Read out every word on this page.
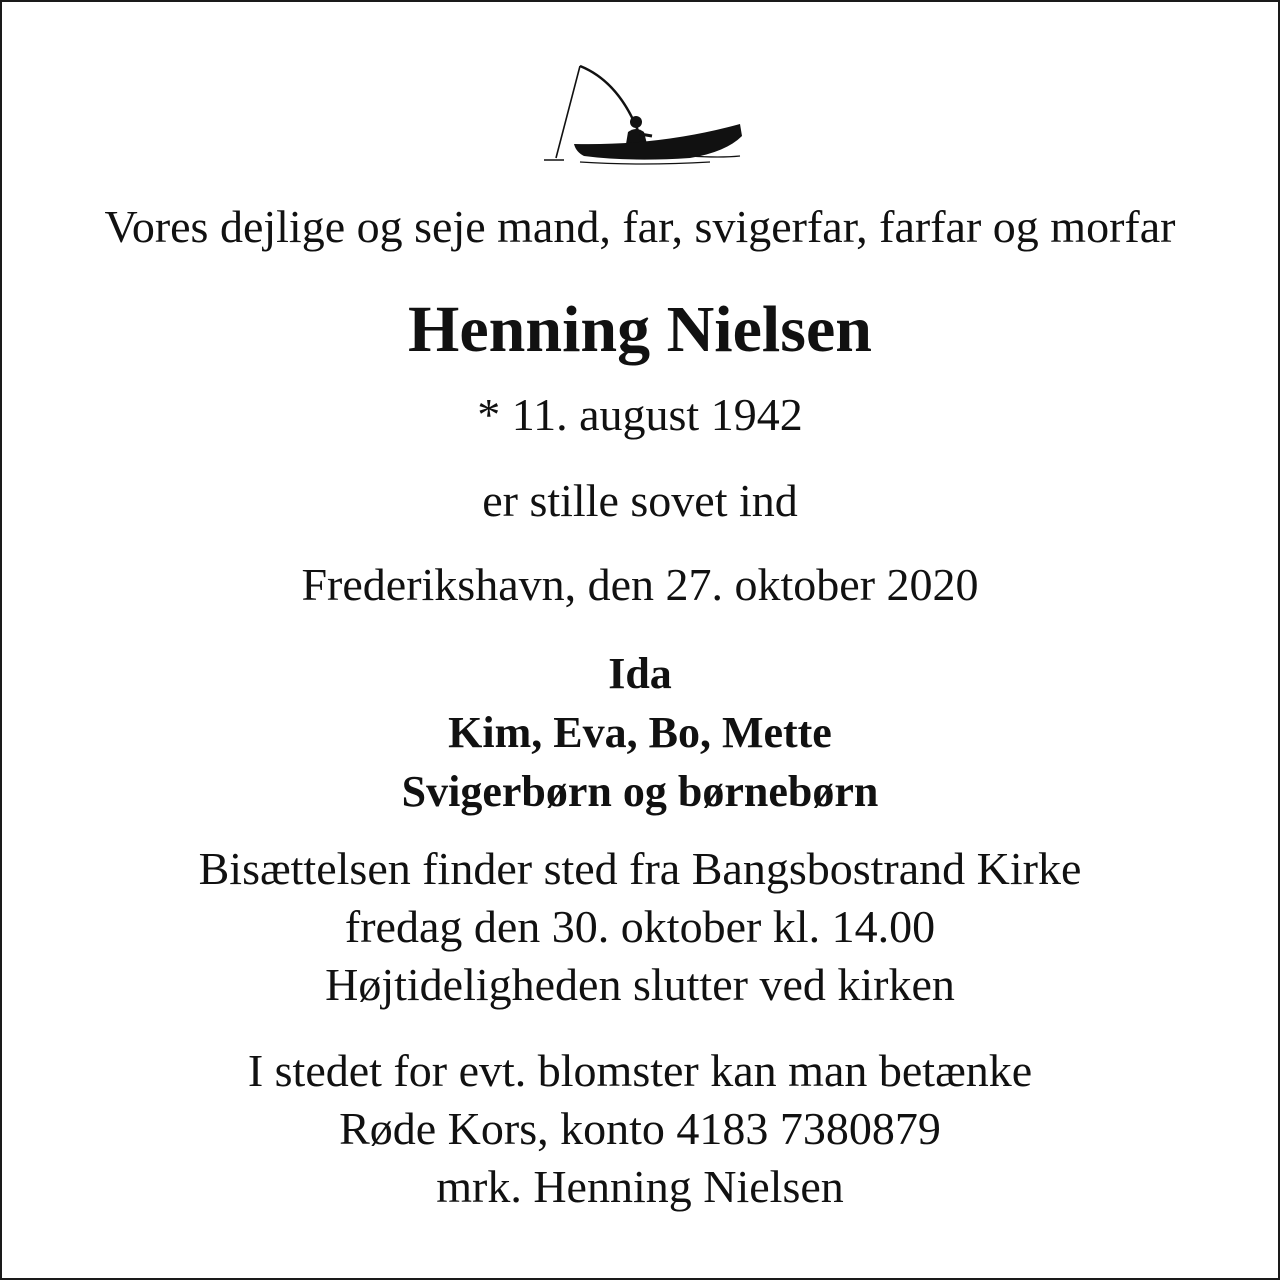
Vores dejlige og seje mand, far, svigerfar, farfar og morfar
Henning Nielsen
* 11. august 1942
er stille sovet ind
Frederikshavn, den 27. oktober 2020
Ida
Kim, Eva, Bo, Mette
Svigerbørn og børnebørn
Bisættelsen finder sted fra Bangsbostrand Kirke
fredag den 30. oktober kl. 14.00
Højtideligheden slutter ved kirken
I stedet for evt. blomster kan man betænke
Røde Kors, konto 4183 7380879
mrk. Henning Nielsen
